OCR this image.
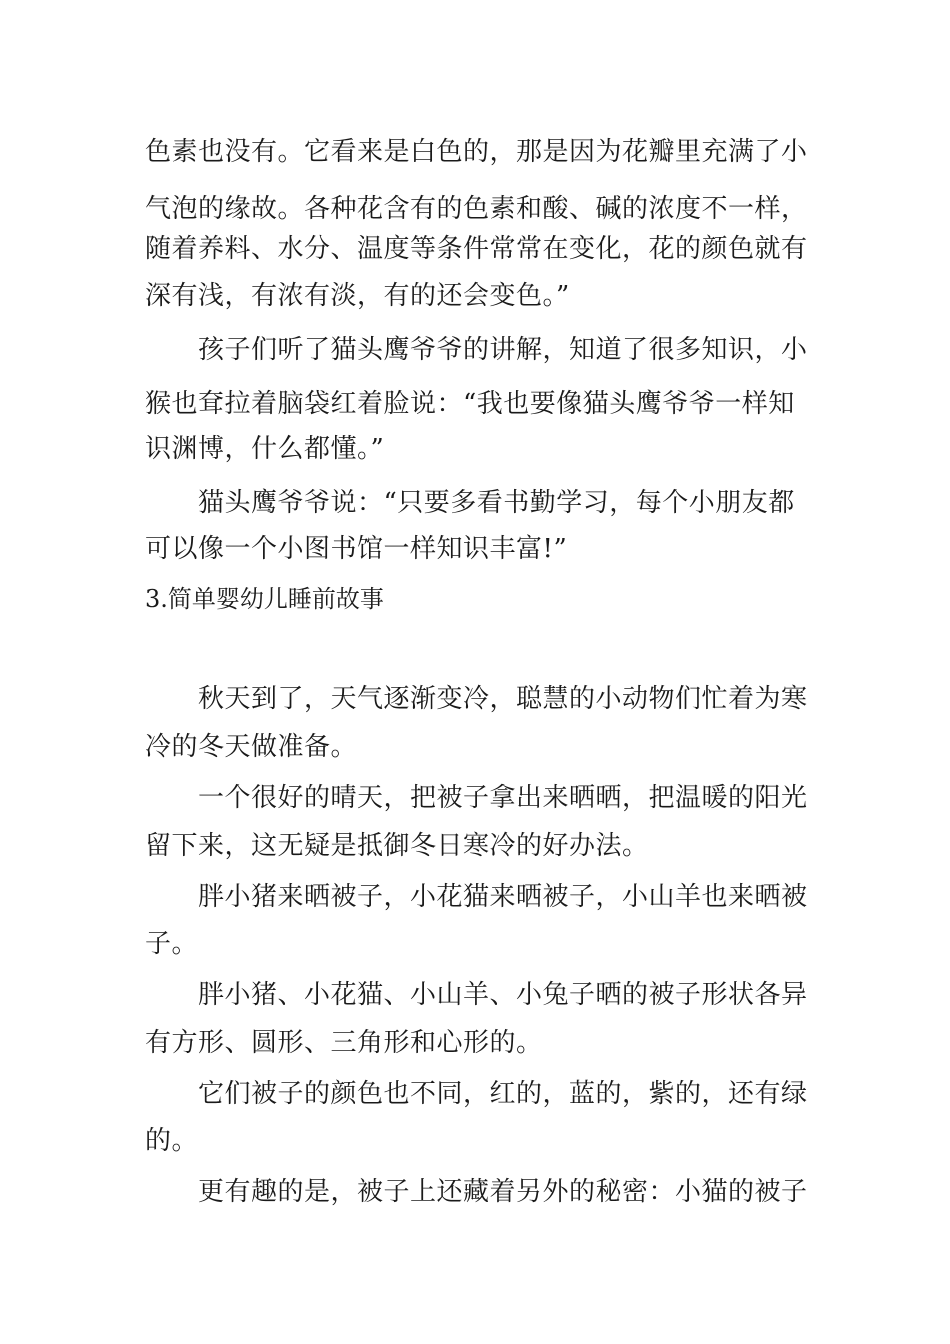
色素也没有。它看来是白色的，那是因为花瓣里充满了小
气泡的缘故。各种花含有的色素和酸、碱的浓度不一样，
随着养料、水分、温度等条件常常在变化，花的颜色就有
深有浅，有浓有淡，有的还会变色。”
孩子们听了猫头鹰爷爷的讲解，知道了很多知识，小
猴也耷拉着脑袋红着脸说：“我也要像猫头鹰爷爷一样知
识渊博，什么都懂。”
猫头鹰爷爷说：“只要多看书勤学习，每个小朋友都
可以像一个小图书馆一样知识丰富!”
3.简单婴幼儿睡前故事
秋天到了，天气逐渐变冷，聪慧的小动物们忙着为寒
冷的冬天做准备。
一个很好的晴天，把被子拿出来晒晒，把温暖的阳光
留下来，这无疑是抵御冬日寒冷的好办法。
胖小猪来晒被子，小花猫来晒被子，小山羊也来晒被
子。
胖小猪、小花猫、小山羊、小兔子晒的被子形状各异
有方形、圆形、三角形和心形的。
它们被子的颜色也不同，红的，蓝的，紫的，还有绿
的。
更有趣的是，被子上还藏着另外的秘密：小猫的被子
